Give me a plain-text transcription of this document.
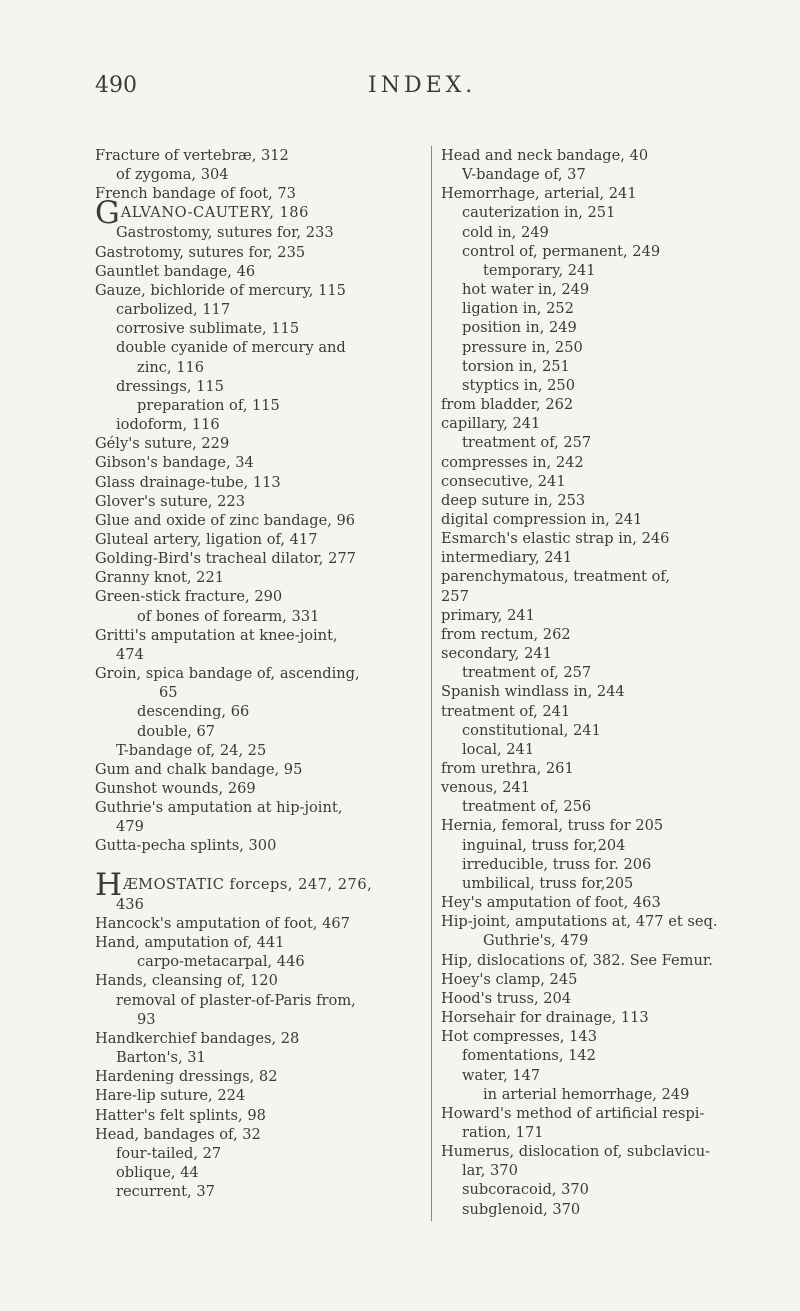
490	INDEX.
Fracture of vertebræ, 312
of zygoma, 304
French bandage of foot, 73
GALVANO-CAUTERY, 186
Gastrostomy, sutures for, 233
Gastrotomy, sutures for, 235
Gauntlet bandage, 46
Gauze, bichloride of mercury, 115
carbolized, 117
corrosive sublimate, 115
double cyanide of mercury and
zinc, 116
dressings, 115
preparation of, 115
iodoform, 116
Gély's suture, 229
Gibson's bandage, 34
Glass drainage-tube, 113
Glover's suture, 223
Glue and oxide of zinc bandage, 96
Gluteal artery, ligation of, 417
Golding-Bird's tracheal dilator, 277
Granny knot, 221
Green-stick fracture, 290
of bones of forearm, 331
Gritti's amputation at knee-joint,
474
Groin, spica bandage of, ascending,
65
descending, 66
double, 67
T-bandage of, 24, 25
Gum and chalk bandage, 95
Gunshot wounds, 269
Guthrie's amputation at hip-joint,
479
Gutta-pecha splints, 300

HÆMOSTATIC forceps, 247, 276,
436
Hancock's amputation of foot, 467
Hand, amputation of, 441
carpo-metacarpal, 446
Hands, cleansing of, 120
removal of plaster-of-Paris from,
93
Handkerchief bandages, 28
Barton's, 31
Hardening dressings, 82
Hare-lip suture, 224
Hatter's felt splints, 98
Head, bandages of, 32
four-tailed, 27
oblique, 44
recurrent, 37
Head and neck bandage, 40
V-bandage of, 37
Hemorrhage, arterial, 241
cauterization in, 251
cold in, 249
control of, permanent, 249
temporary, 241
hot water in, 249
ligation in, 252
position in, 249
pressure in, 250
torsion in, 251
styptics in, 250
from bladder, 262
capillary, 241
treatment of, 257
compresses in, 242
consecutive, 241
deep suture in, 253
digital compression in, 241
Esmarch's elastic strap in, 246
intermediary, 241
parenchymatous, treatment of,
257
primary, 241
from rectum, 262
secondary, 241
treatment of, 257
Spanish windlass in, 244
treatment of, 241
constitutional, 241
local, 241
from urethra, 261
venous, 241
treatment of, 256
Hernia, femoral, truss for 205
inguinal, truss for,204
irreducible, truss for. 206
umbilical, truss for,205
Hey's amputation of foot, 463
Hip-joint, amputations at, 477 et seq.
Guthrie's, 479
Hip, dislocations of, 382. See Femur.
Hoey's clamp, 245
Hood's truss, 204
Horsehair for drainage, 113
Hot compresses, 143
fomentations, 142
water, 147
in arterial hemorrhage, 249
Howard's method of artificial respi-
ration, 171
Humerus, dislocation of, subclavicu-
lar, 370
subcoracoid, 370
subglenoid, 370
